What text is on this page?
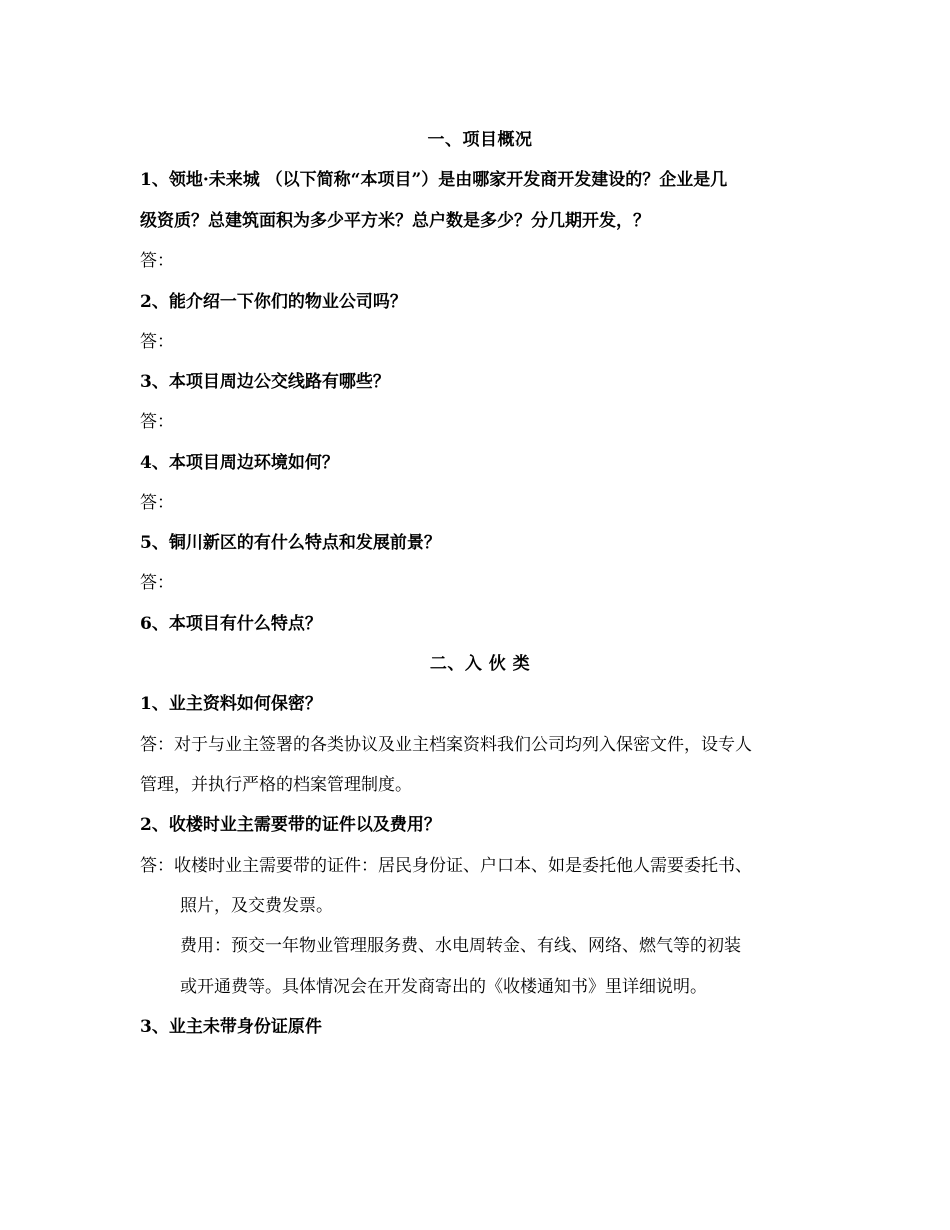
一、项目概况
1、领地·未来城 （以下简称“本项目”）是由哪家开发商开发建设的？企业是几
级资质？总建筑面积为多少平方米？总户数是多少？分几期开发，？
答：
2、能介绍一下你们的物业公司吗？
答：
3、本项目周边公交线路有哪些？
答：
4、本项目周边环境如何？
答：
5、铜川新区的有什么特点和发展前景？
答：
6、本项目有什么特点？
二、入 伙 类
1、业主资料如何保密？
答：对于与业主签署的各类协议及业主档案资料我们公司均列入保密文件，设专人
管理，并执行严格的档案管理制度。
2、收楼时业主需要带的证件以及费用？
答：收楼时业主需要带的证件：居民身份证、户口本、如是委托他人需要委托书、
照片，及交费发票。
费用：预交一年物业管理服务费、水电周转金、有线、网络、燃气等的初装
或开通费等。具体情况会在开发商寄出的《收楼通知书》里详细说明。
3、业主未带身份证原件
